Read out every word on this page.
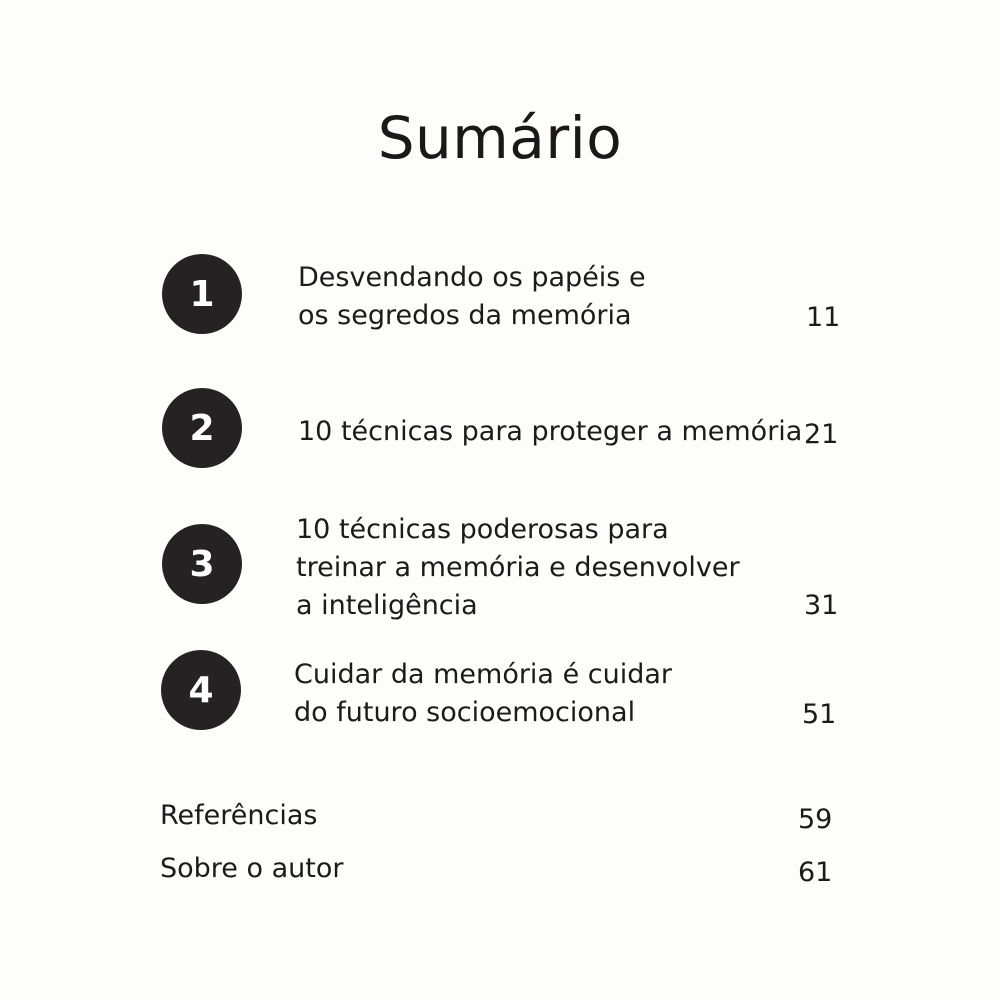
Sumário
1	Desvendando os papéis e
os segredos da memória	11
2	10 técnicas para proteger a memória 21
3
10 técnicas poderosas para
treinar a memória e desenvolver
a inteligência	31
4	Cuidar da memória é cuidar
do futuro socioemocional	51
Referências	59
Sobre o autor	61
